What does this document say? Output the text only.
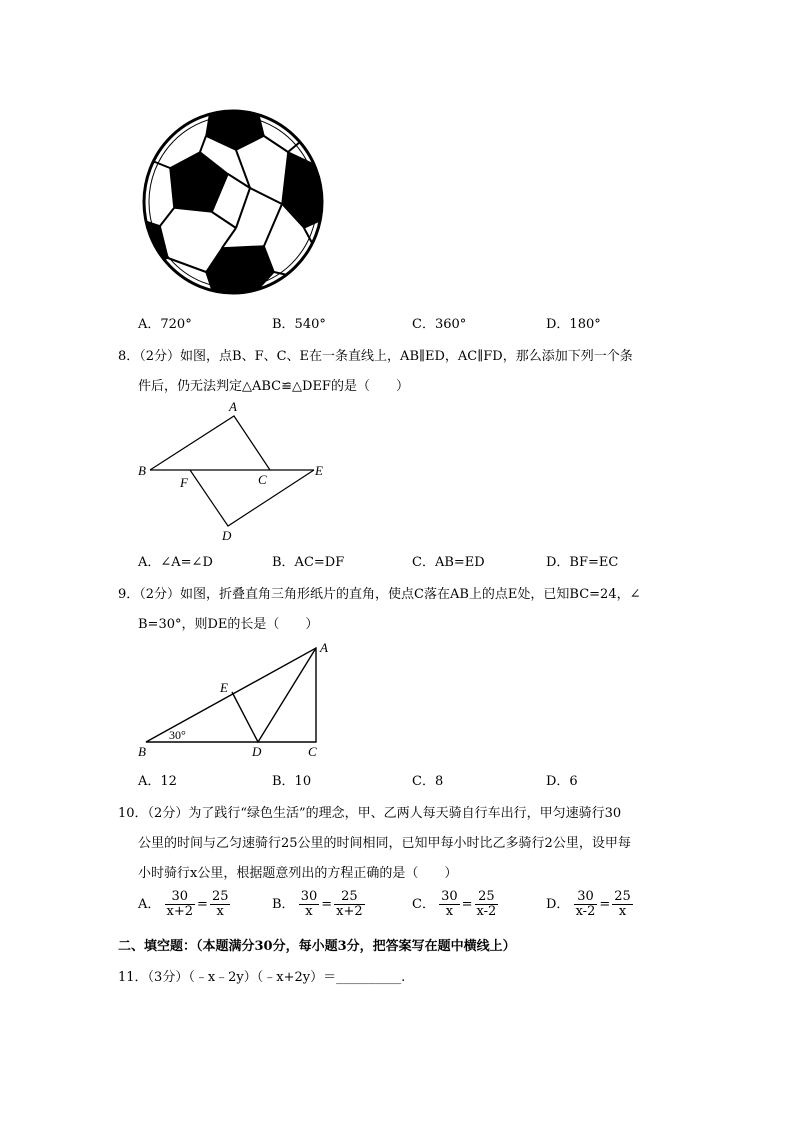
A．720°	B．540°	C．360°	D．180°
8．（2分）如图，点B、F、C、E在一条直线上，AB∥ED，AC∥FD，那么添加下列一个条
件后，仍无法判定△ABC≌△DEF的是（　　）
A
B
C
D
E
F
A．∠A=∠D	B．AC=DF	C．AB=ED	D．BF=EC
9．（2分）如图，折叠直角三角形纸片的直角，使点C落在AB上的点E处，已知BC=24，∠
B=30°，则DE的长是（　　）
A
B	C
D
E
30°
A．12	B．10	C．8	D．6
10．（2分）为了践行“绿色生活”的理念，甲、乙两人每天骑自行车出行，甲匀速骑行30
公里的时间与乙匀速骑行25公里的时间相同，已知甲每小时比乙多骑行2公里，设甲每
小时骑行x公里，根据题意列出的方程正确的是（　　）
A． $\frac{30}{x+2} = \frac{25}{x}$	B． $\frac{30}{x} = \frac{25}{x+2}$	C． $\frac{30}{x} = \frac{25}{x-2}$	D． $\frac{30}{x-2} = \frac{25}{x}$
二、填空题：（本题满分30分，每小题3分，把答案写在题中横线上）
11．（3分）（﹣x﹣2y）（﹣x+2y）＝__________.
